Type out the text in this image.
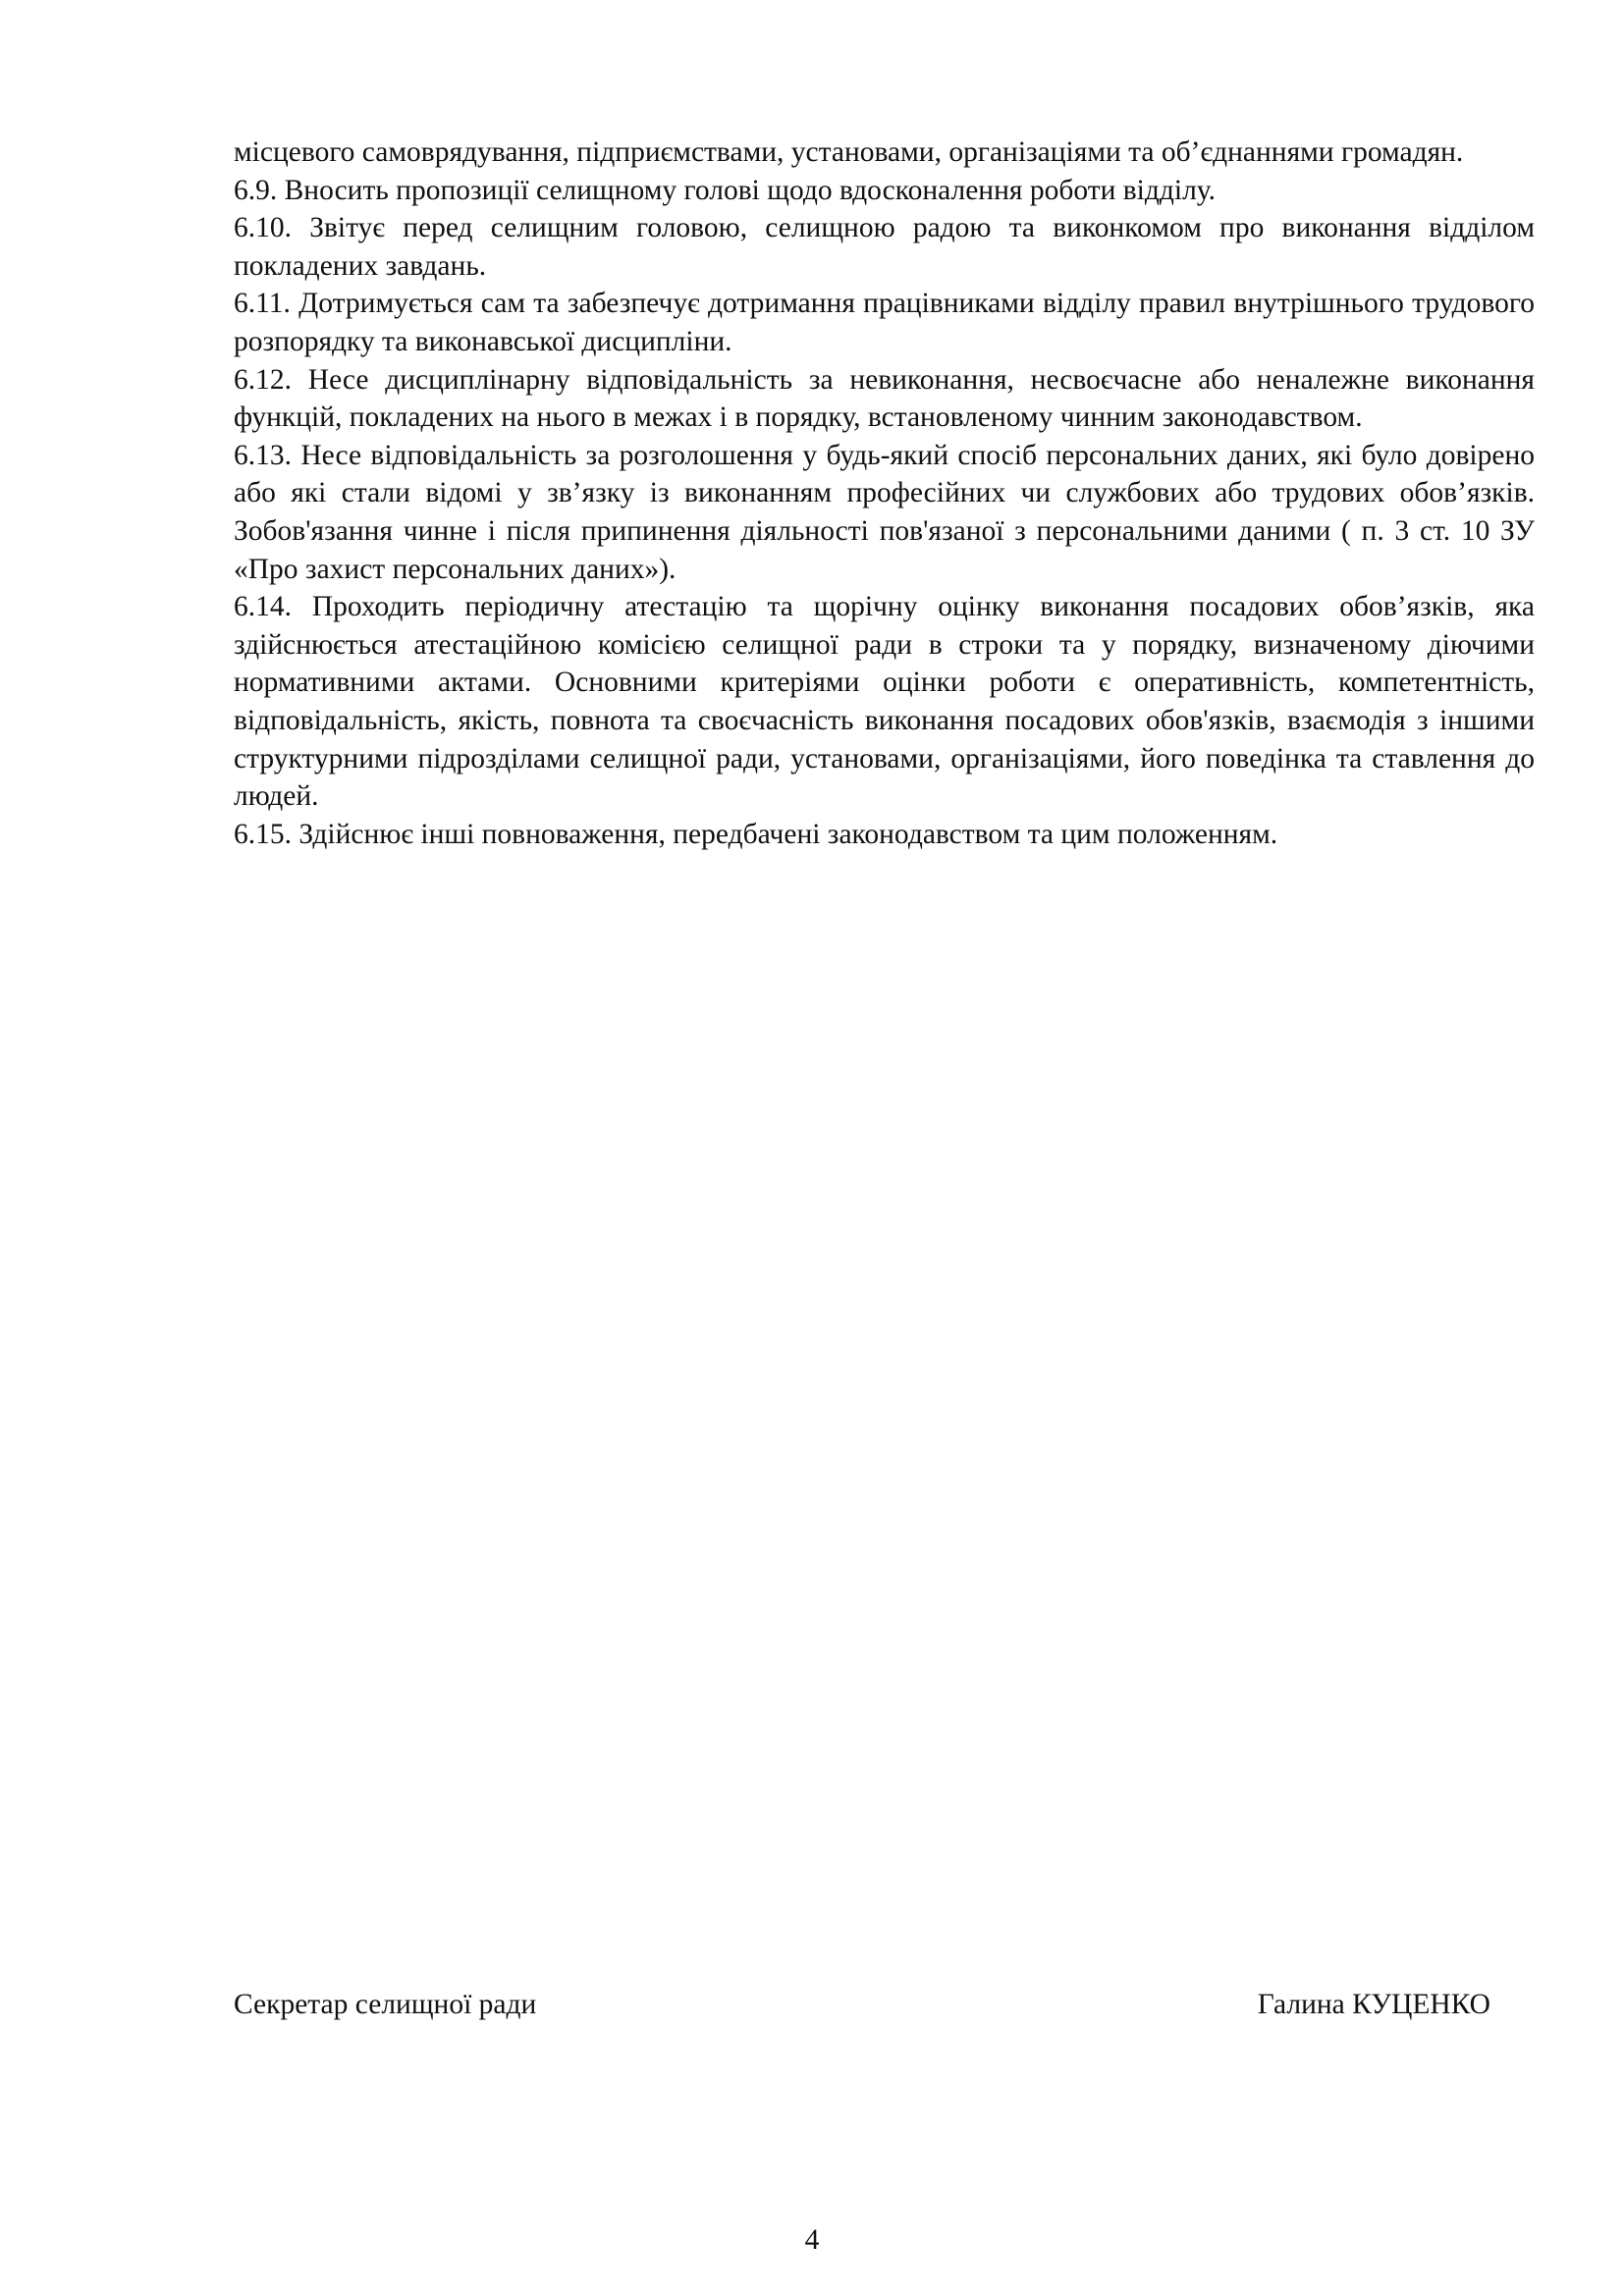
місцевого самоврядування, підприємствами, установами, організаціями та об’єднаннями громадян.

6.9. Вносить пропозиції селищному голові щодо вдосконалення роботи відділу.

6.10. Звітує перед селищним головою, селищною радою та виконкомом про виконання відділом покладених завдань.

6.11. Дотримується сам та забезпечує дотримання працівниками відділу правил внутрішнього трудового розпорядку та виконавської дисципліни.

6.12. Несе дисциплінарну відповідальність за невиконання, несвоєчасне або неналежне виконання функцій, покладених на нього в межах і в порядку, встановленому чинним законодавством.

6.13. Несе відповідальність за розголошення у будь-який спосіб персональних даних, які було довірено або які стали відомі у зв’язку із виконанням професійних чи службових або трудових обов’язків. Зобов'язання чинне і після припинення діяльності пов'язаної з персональними даними ( п. 3 ст. 10 ЗУ «Про захист персональних даних»).

6.14. Проходить періодичну атестацію та щорічну оцінку виконання посадових обов’язків, яка здійснюється атестаційною комісією селищної ради в строки та у порядку, визначеному діючими нормативними актами. Основними критеріями оцінки роботи є оперативність, компетентність, відповідальність, якість, повнота та своєчасність виконання посадових обов'язків, взаємодія з іншими структурними підрозділами селищної ради, установами, організаціями, його поведінка та ставлення до людей.

6.15. Здійснює інші повноваження, передбачені законодавством та цим положенням.

Секретар селищної ради	Галина КУЦЕНКО
4
